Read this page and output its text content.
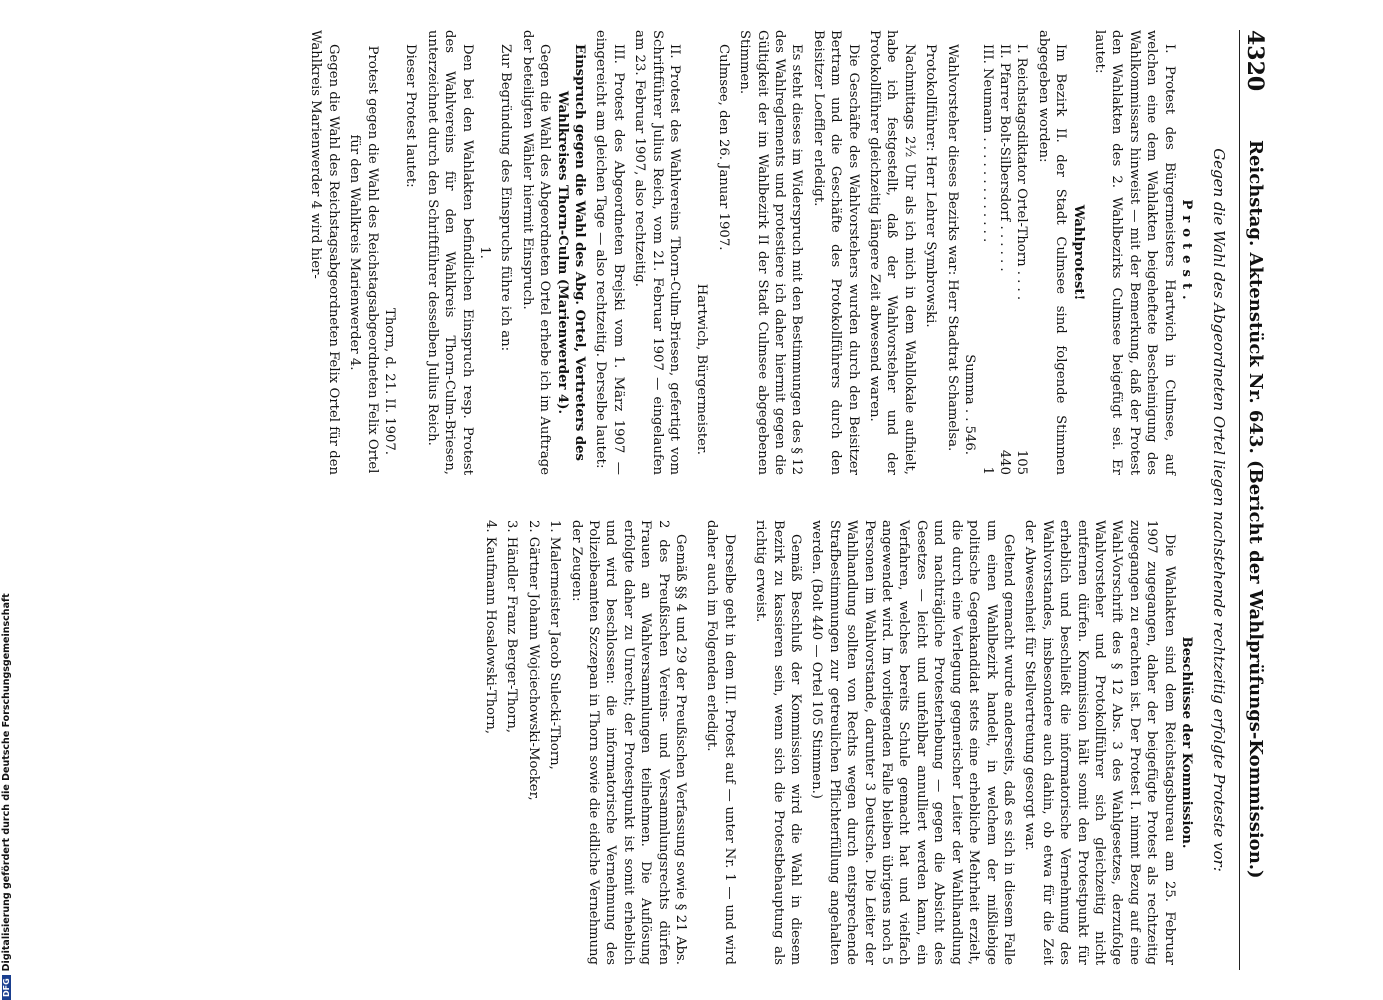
4320
Reichstag. Aktenstück Nr. 643. (Bericht der Wahlprüfungs-Kommission.)
Gegen die Wahl des Abgeordneten Ortel liegen nachstehende rechtzeitig erfolgte Proteste vor:
Protest.

I. Protest des Bürgermeisters Hartwich in Culmsee, auf welchen eine dem Wahlakten beigeheftete Bescheinigung des Wahlkommissars hinweist — mit der Bemerkung, daß der Protest den Wahlakten des 2. Wahlbezirks Culmsee beigefügt sei. Er lautet:

Wahlprotest!

Im Bezirk II. der Stadt Culmsee sind folgende Stimmen abgegeben worden:

I. Reichstagsdiktator Ortel-Thorn . . . .
105
II. Pfarrer Bolt-Silbersdorf . . . . . .
440
III. Neumann . . . . . . . . . . . . .
1
Summa . . 546.

Wahlvorsteher dieses Bezirks war: Herr Stadtrat Schamelsa.

Protokollführer: Herr Lehrer Symbrowski.

Nachmittags 2½ Uhr als ich mich in dem Wahllokale aufhielt, habe ich festgestellt, daß der Wahlvorsteher und der Protokollführer gleichzeitig längere Zeit abwesend waren.

Die Geschäfte des Wahlvorstehers wurden durch den Beisitzer Bertram und die Geschäfte des Protokollführers durch den Beisitzer Loeffler erledigt.

Es steht dieses im Widerspruch mit den Bestimmungen des § 12 des Wahlreglements und protestiere ich daher hiermit gegen die Gültigkeit der im Wahlbezirk II der Stadt Culmsee abgegebenen Stimmen.

Culmsee, den 26. Januar 1907.

Hartwich, Bürgermeister.

II. Protest des Wahlvereins Thorn-Culm-Briesen, gefertigt vom Schriftführer Julius Reich, vom 21. Februar 1907 — eingelaufen am 23. Februar 1907, also rechtzeitig.

III. Protest des Abgeordneten Brejski vom 1. März 1907 — eingereicht am gleichen Tage — also rechtzeitig. Derselbe lautet:

Einspruch gegen die Wahl des Abg. Ortel, Vertreters des Wahlkreises Thorn-Culm (Marienwerder 4).

Gegen die Wahl des Abgeordneten Ortel erhebe ich im Auftrage der beteiligten Wähler hiermit Einspruch.

Zur Begründung des Einspruchs führe ich an:

1.

Den bei den Wahlakten befindlichen Einspruch resp. Protest des Wahlvereins für den Wahlkreis Thorn-Culm-Briesen, unterzeichnet durch den Schriftführer desselben Julius Reich.

Dieser Protest lautet:

Thorn, d. 21. II. 1907.

Protest gegen die Wahl des Reichstagsabgeordneten Felix Ortel für den Wahlkreis Marienwerder 4.

Gegen die Wahl des Reichstagsabgeordneten Felix Ortel für den Wahlkreis Marienwerder 4 wird hier-

Beschlüsse der Kommission.

Die Wahlakten sind dem Reichstagsbureau am 25. Februar 1907 zugegangen, daher der beigefügte Protest als rechtzeitig zugegangen zu erachten ist. Der Protest I. nimmt Bezug auf eine Wahl-Vorschrift des § 12 Abs. 3 des Wahlgesetzes, derzufolge Wahlvorsteher und Protokollführer sich gleichzeitig nicht entfernen dürfen. Kommission hält somit den Protestpunkt für erheblich und beschließt die informatorische Vernehmung des Wahlvorstandes, insbesondere auch dahin, ob etwa für die Zeit der Abwesenheit für Stellvertretung gesorgt war.

Geltend gemacht wurde anderseits, daß es sich in diesem Falle um einen Wahlbezirk handelt, in welchem der mißliebige politische Gegenkandidat stets eine erhebliche Mehrheit erzielt, die durch eine Verlegung gegnerischer Leiter der Wahlhandlung und nachträgliche Protesterhebung — gegen die Absicht des Gesetzes — leicht und unfehlbar annulliert werden kann, ein Verfahren, welches bereits Schule gemacht hat und vielfach angewendet wird. Im vorliegenden Falle bleiben übrigens noch 5 Personen im Wahlvorstande, darunter 3 Deutsche. Die Leiter der Wahlhandlung sollten von Rechts wegen durch entsprechende Strafbestimmungen zur getreulichen Pflichterfüllung angehalten werden. (Bolt 440 — Ortel 105 Stimmen.)

Gemäß Beschluß der Kommission wird die Wahl in diesem Bezirk zu kassieren sein, wenn sich die Protestbehauptung als richtig erweist.

Derselbe geht in dem III. Protest auf — unter Nr. 1 — und wird daher auch im Folgenden erledigt.

Gemäß §§ 4 und 29 der Preußischen Verfassung sowie § 21 Abs. 2 des Preußischen Vereins- und Versammlungsrechts dürfen Frauen an Wahlversammlungen teilnehmen. Die Auflösung erfolgte daher zu Unrecht; der Protestpunkt ist somit erheblich und wird beschlossen: die informatorische Vernehmung des Polizeibeamten Szczepan in Thorn sowie die eidliche Vernehmung der Zeugen:

1. Malermeister Jacob Sulecki-Thorn,

2. Gärtner Johann Wojciechowski-Mocker,

3. Händler Franz Berger-Thorn,

4. Kaufmann Hosalowski-Thorn,

DFGDigitalisierung gefördert durch die Deutsche Forschungsgemeinschaft
